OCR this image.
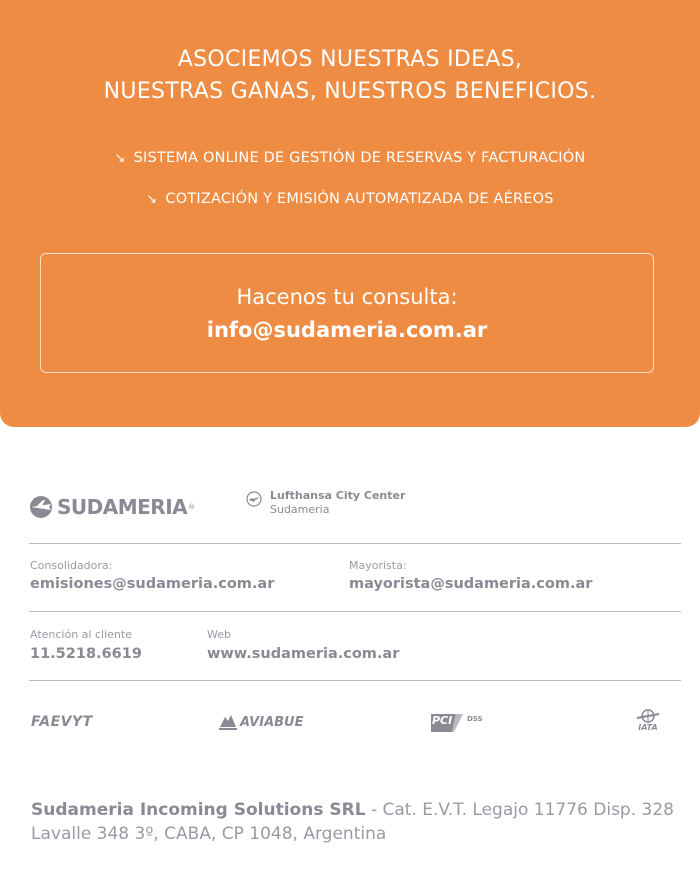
ASOCIEMOS NUESTRAS IDEAS,
NUESTRAS GANAS, NUESTROS BENEFICIOS.
↘ SISTEMA ONLINE DE GESTIÓN DE RESERVAS Y FACTURACIÓN
↘ COTIZACIÓN Y EMISIÓN AUTOMATIZADA DE AÉREOS
Hacenos tu consulta:
info@sudameria.com.ar
SUDAMERIA ®
Lufthansa City Center
Sudameria
Consolidadora:
emisiones@sudameria.com.ar
Mayorista:
mayorista@sudameria.com.ar
Atención al cliente
11.5218.6619
Web
www.sudameria.com.ar
FAEVYT	AVIABUE	PCI DSS
IATA
Sudameria Incoming Solutions SRL - Cat. E.V.T. Legajo 11776 Disp. 328
Lavalle 348 3º, CABA, CP 1048, Argentina
